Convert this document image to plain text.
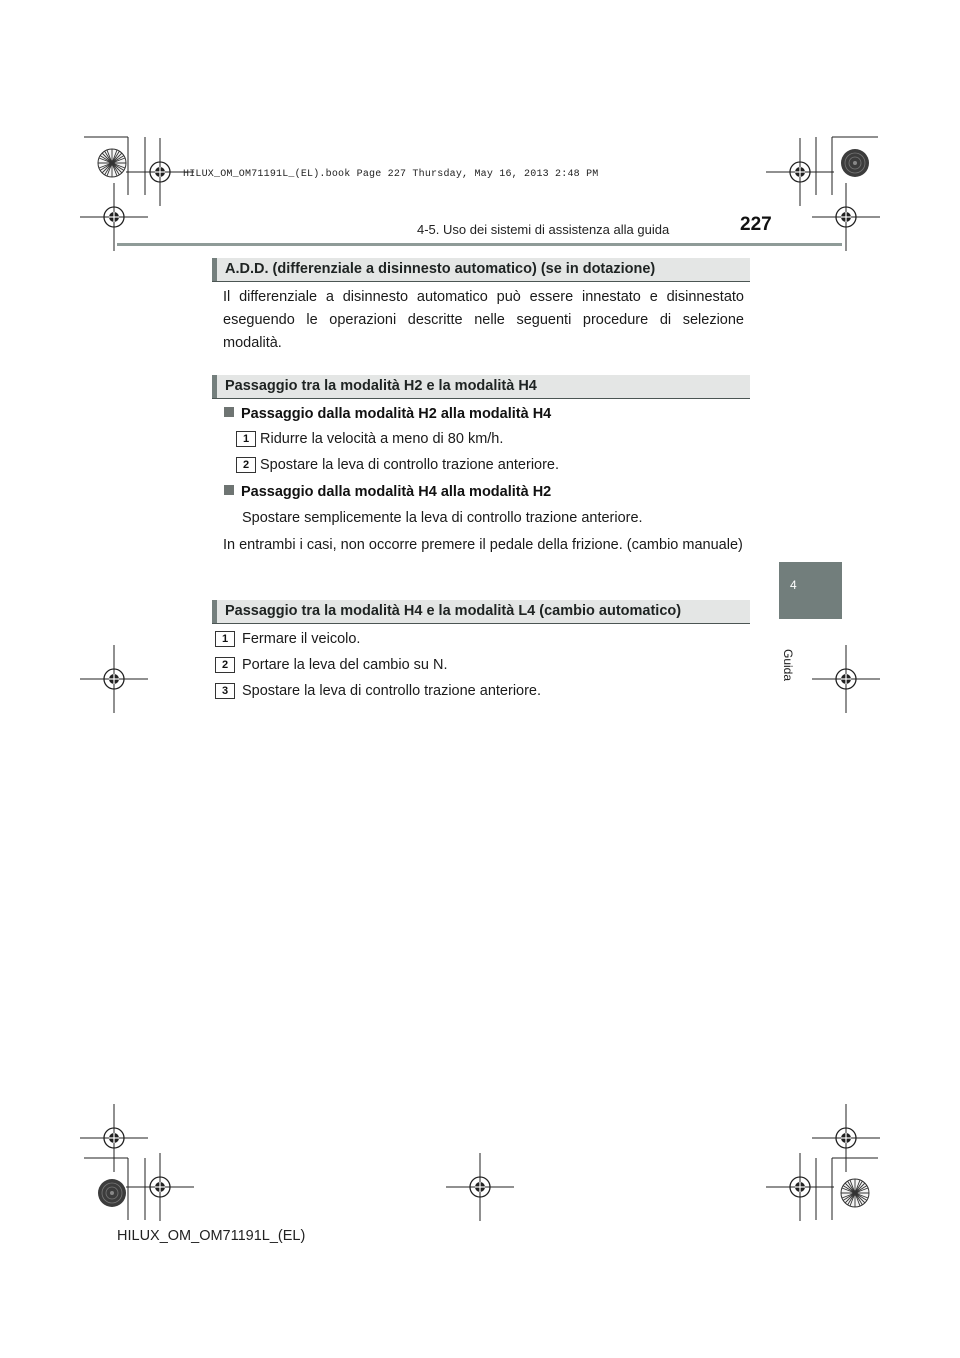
HILUX_OM_OM71191L_(EL).book Page 227 Thursday, May 16, 2013 2:48 PM
4-5. Uso dei sistemi di assistenza alla guida	227
4
Guida
A.D.D. (differenziale a disinnesto automatico) (se in dotazione)
Il differenziale a disinnesto automatico può essere innestato e disinnestato eseguendo le operazioni descritte nelle seguenti procedure di selezione modalità.
Passaggio tra la modalità H2 e la modalità H4
Passaggio dalla modalità H2 alla modalità H4
1 Ridurre la velocità a meno di 80 km/h.
2 Spostare la leva di controllo trazione anteriore.
Passaggio dalla modalità H4 alla modalità H2
Spostare semplicemente la leva di controllo trazione anteriore.
In entrambi i casi, non occorre premere il pedale della frizione. (cambio manuale)
Passaggio tra la modalità H4 e la modalità L4 (cambio automatico)
1 Fermare il veicolo.
2 Portare la leva del cambio su N.
3 Spostare la leva di controllo trazione anteriore.
HILUX_OM_OM71191L_(EL)
